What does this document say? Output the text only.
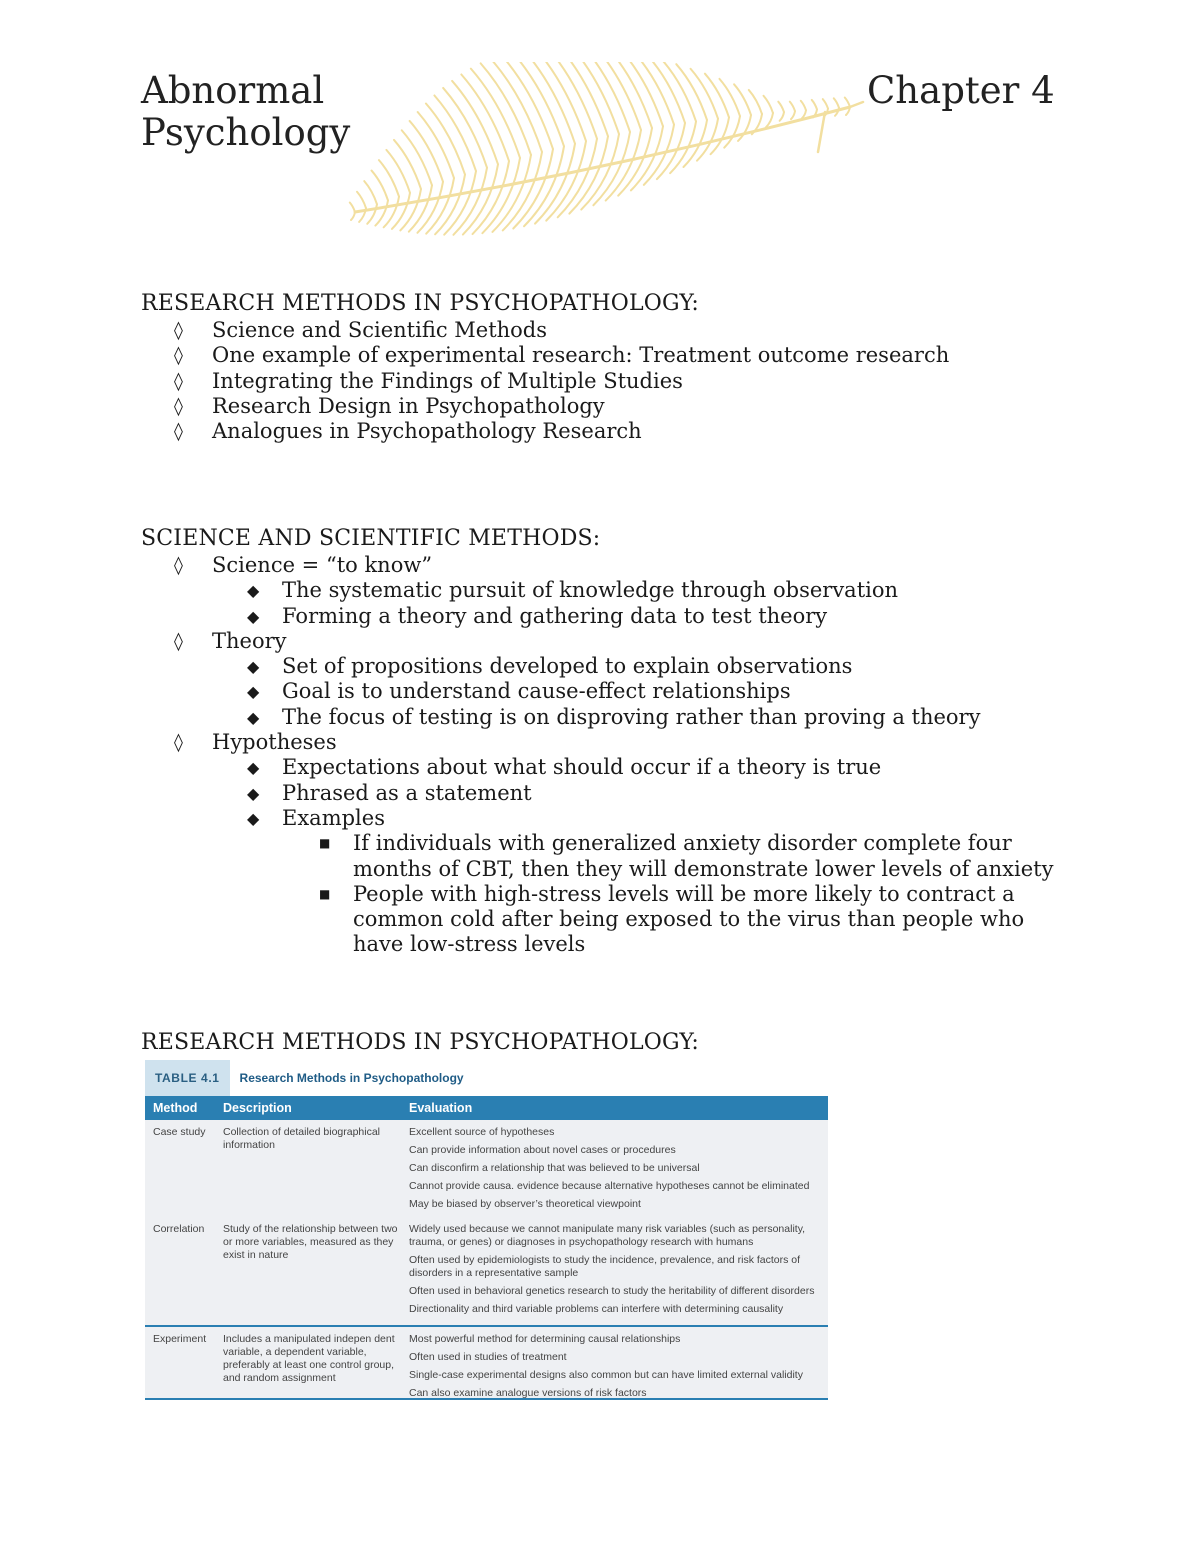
Abnormal
Psychology
Chapter 4
RESEARCH METHODS IN PSYCHOPATHOLOGY:
◊ Science and Scientific Methods
◊ One example of experimental research: Treatment outcome research
◊ Integrating the Findings of Multiple Studies
◊ Research Design in Psychopathology
◊ Analogues in Psychopathology Research
SCIENCE AND SCIENTIFIC METHODS:
◊ Science = “to know”
◆ The systematic pursuit of knowledge through observation
◆ Forming a theory and gathering data to test theory
◊ Theory
◆ Set of propositions developed to explain observations
◆ Goal is to understand cause-effect relationships
◆ The focus of testing is on disproving rather than proving a theory
◊ Hypotheses
◆ Expectations about what should occur if a theory is true
◆ Phrased as a statement
◆ Examples
■ If individuals with generalized anxiety disorder complete four months of CBT, then they will demonstrate lower levels of anxiety
■ People with high-stress levels will be more likely to contract a common cold after being exposed to the virus than people who have low-stress levels
RESEARCH METHODS IN PSYCHOPATHOLOGY:
TABLE 4.1	Research Methods in Psychopathology
Method	Description	Evaluation
Case study	Collection of detailed biographical information
Excellent source of hypotheses
Can provide information about novel cases or procedures
Can disconfirm a relationship that was believed to be universal
Cannot provide causa. evidence because alternative hypotheses cannot be eliminated
May be biased by observer’s theoretical viewpoint
Correlation	Study of the relationship between two or more variables, measured as they exist in nature
Widely used because we cannot manipulate many risk variables (such as personality, trauma, or genes) or diagnoses in psychopathology research with humans
Often used by epidemiologists to study the incidence, prevalence, and risk factors of disorders in a representative sample
Often used in behavioral genetics research to study the heritability of different disorders
Directionality and third variable problems can interfere with determining causality
Experiment	Includes a manipulated indepen dent variable, a dependent variable, preferably at least one control group, and random assignment
Most powerful method for determining causal relationships
Often used in studies of treatment
Single-case experimental designs also common but can have limited external validity
Can also examine analogue versions of risk factors
